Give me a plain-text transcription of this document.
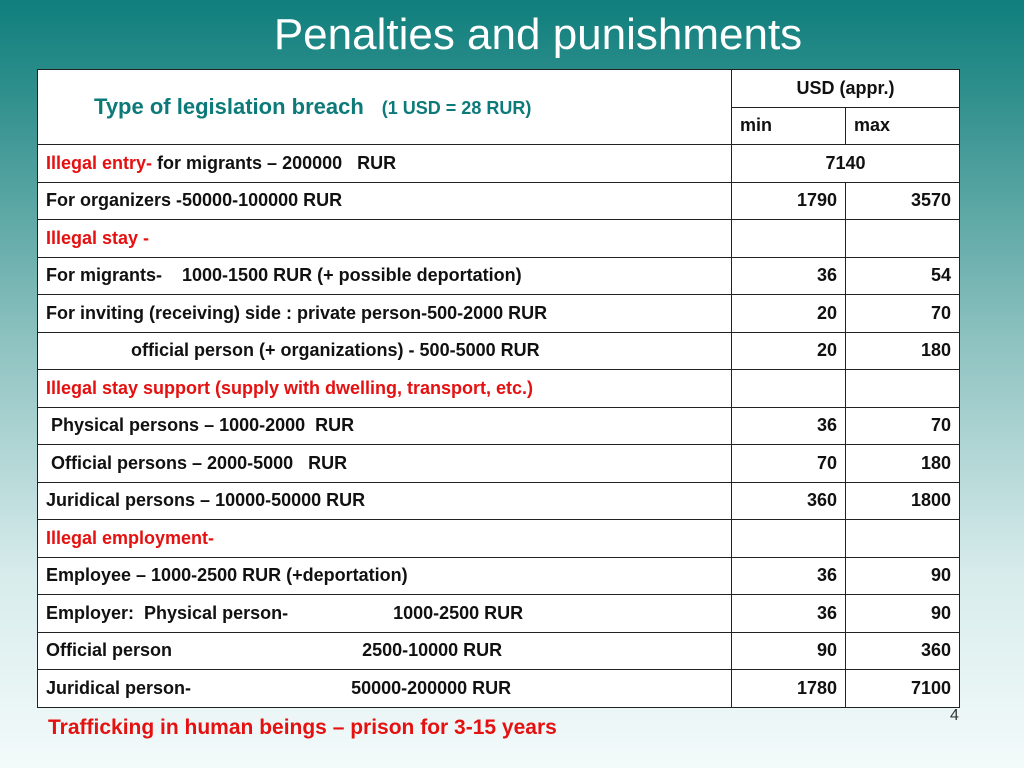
Penalties and punishments

Type of legislation breach (1 USD = 28 RUR)	USD (appr.)	
	min	max
Illegal entry- for migrants – 200000   RUR	7140	
For organizers -50000-100000 RUR	1790	3570
Illegal stay -		
For migrants-    1000-1500 RUR (+ possible deportation)	36	54
For inviting (receiving) side : private person-500-2000 RUR	20	70
official person (+ organizations) - 500-5000 RUR	20	180
Illegal stay support (supply with dwelling, transport, etc.)		
Physical persons – 1000-2000  RUR	36	70
Official persons – 2000-5000   RUR	70	180
Juridical persons – 10000-50000 RUR	360	1800
Illegal employment-		
Employee – 1000-2500 RUR (+deportation)	36	90
Employer:  Physical person-                     1000-2500 RUR	36	90
Official person                                      2500-10000 RUR	90	360
Juridical person-                                50000-200000 RUR	1780	7100
Trafficking in human beings – prison for 3-15 years
4
